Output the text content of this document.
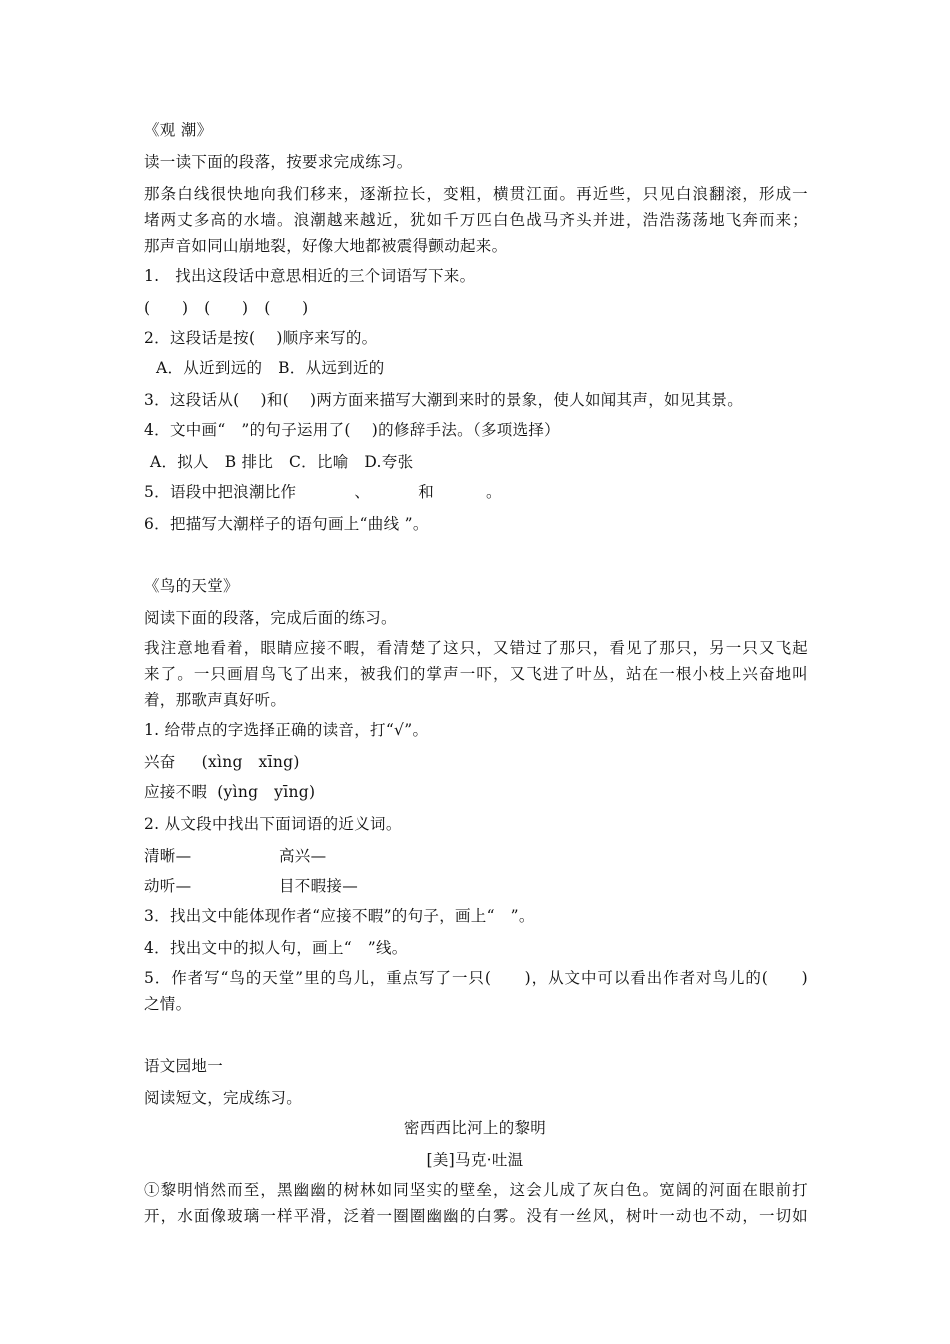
《观 潮》
读一读下面的段落，按要求完成练习。
那条白线很快地向我们移来，逐渐拉长，变粗，横贯江面。再近些，只见白浪翻滚，形成一
堵两丈多高的水墙。浪潮越来越近，犹如千万匹白色战马齐头并进，浩浩荡荡地飞奔而来；
那声音如同山崩地裂，好像大地都被震得颤动起来。
1.　找出这段话中意思相近的三个词语写下来。
(　　)　(　　)　(　　)
2．这段话是按(　 )顺序来写的。
A．从近到远的　B．从远到近的
3．这段话从(　 )和(　 )两方面来描写大潮到来时的景象，使人如闻其声，如见其景。
4．文中画“　”的句子运用了(　 )的修辞手法。（多项选择）
A．拟人　B 排比　C．比喻　D.夸张
5．语段中把浪潮比作	、	和	。
6．把描写大潮样子的语句画上“曲线 ”。
《鸟的天堂》
阅读下面的段落，完成后面的练习。
我注意地看着，眼睛应接不暇，看清楚了这只，又错过了那只，看见了那只，另一只又飞起
来了。一只画眉鸟飞了出来，被我们的掌声一吓，又飞进了叶丛，站在一根小枝上兴奋地叫
着，那歌声真好听。
1. 给带点的字选择正确的读音，打“√”。
兴奋 (xìng　xīng)
应接不暇 (yìng　yīng)
2. 从文段中找出下面词语的近义词。
清晰—	高兴—
动听—	目不暇接—
3．找出文中能体现作者“应接不暇”的句子，画上“　”。
4．找出文中的拟人句，画上“　”线。
5．作者写“鸟的天堂”里的鸟儿，重点写了一只(　　)，从文中可以看出作者对鸟儿的(　　)
之情。
语文园地一
阅读短文，完成练习。
密西西比河上的黎明
[美]马克·吐温
①黎明悄然而至，黑幽幽的树林如同坚实的壁垒，这会儿成了灰白色。宽阔的河面在眼前打
开，水面像玻璃一样平滑，泛着一圈圈幽幽的白雾。没有一丝风，树叶一动也不动，一切如
